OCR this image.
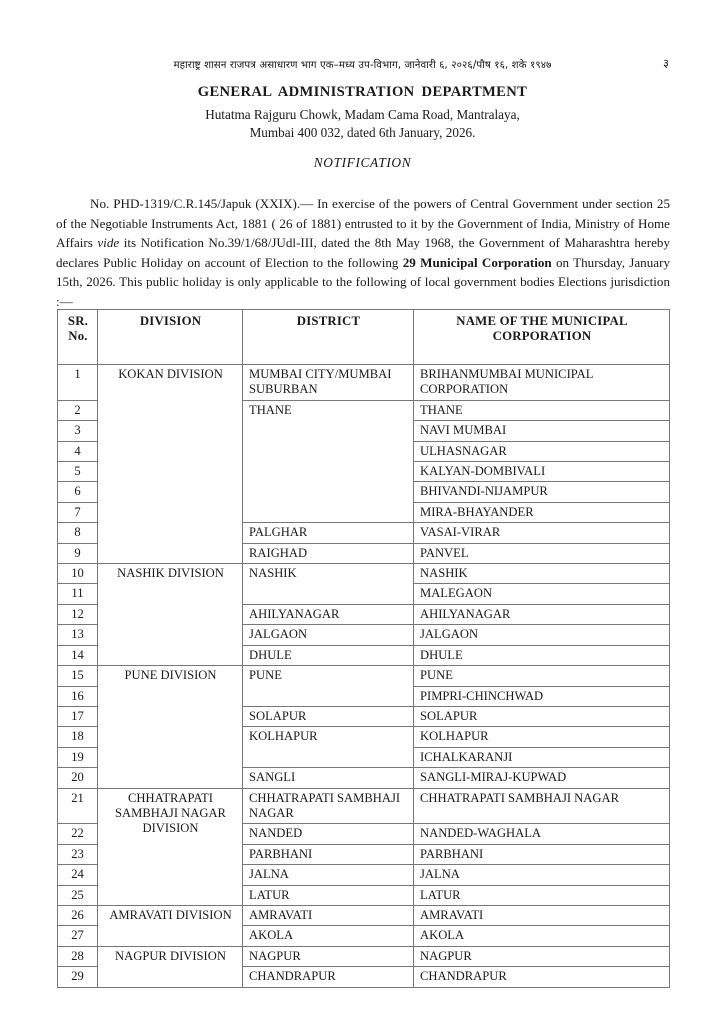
महाराष्ट्र शासन राजपत्र असाधारण भाग एक–मध्य उप-विभाग, जानेवारी ६, २०२६/पौष १६, शके १९४७	३
GENERAL ADMINISTRATION DEPARTMENT
Hutatma Rajguru Chowk, Madam Cama Road, Mantralaya,
Mumbai 400 032, dated 6th January, 2026.
NOTIFICATION

No. PHD-1319/C.R.145/Japuk (XXIX).— In exercise of the powers of Central Government under section 25 of the Negotiable Instruments Act, 1881 ( 26 of 1881) entrusted to it by the Government of India, Ministry of Home Affairs vide its Notification No.39/1/68/JUdl-III, dated the 8th May 1968, the Government of Maharashtra hereby declares Public Holiday on account of Election to the following 29 Municipal Corporation on Thursday, January 15th, 2026. This public holiday is only applicable to the following of local government bodies Elections jurisdiction :—

SR. No.	DIVISION	DISTRICT	NAME OF THE MUNICIPAL CORPORATION
1	KOKAN DIVISION	MUMBAI CITY/MUMBAI SUBURBAN	BRIHANMUMBAI MUNICIPAL CORPORATION
2		THANE	THANE
3			NAVI MUMBAI
4			ULHASNAGAR
5			KALYAN-DOMBIVALI
6			BHIVANDI-NIJAMPUR
7			MIRA-BHAYANDER
8		PALGHAR	VASAI-VIRAR
9		RAIGHAD	PANVEL
10	NASHIK DIVISION	NASHIK	NASHIK
11			MALEGAON
12		AHILYANAGAR	AHILYANAGAR
13		JALGAON	JALGAON
14		DHULE	DHULE
15	PUNE DIVISION	PUNE	PUNE
16			PIMPRI-CHINCHWAD
17		SOLAPUR	SOLAPUR
18		KOLHAPUR	KOLHAPUR
19			ICHALKARANJI
20		SANGLI	SANGLI-MIRAJ-KUPWAD
21	CHHATRAPATI SAMBHAJI NAGAR DIVISION	CHHATRAPATI SAMBHAJI NAGAR	CHHATRAPATI SAMBHAJI NAGAR
22		NANDED	NANDED-WAGHALA
23		PARBHANI	PARBHANI
24		JALNA	JALNA
25		LATUR	LATUR
26	AMRAVATI DIVISION	AMRAVATI	AMRAVATI
27		AKOLA	AKOLA
28	NAGPUR DIVISION	NAGPUR	NAGPUR
29		CHANDRAPUR	CHANDRAPUR
